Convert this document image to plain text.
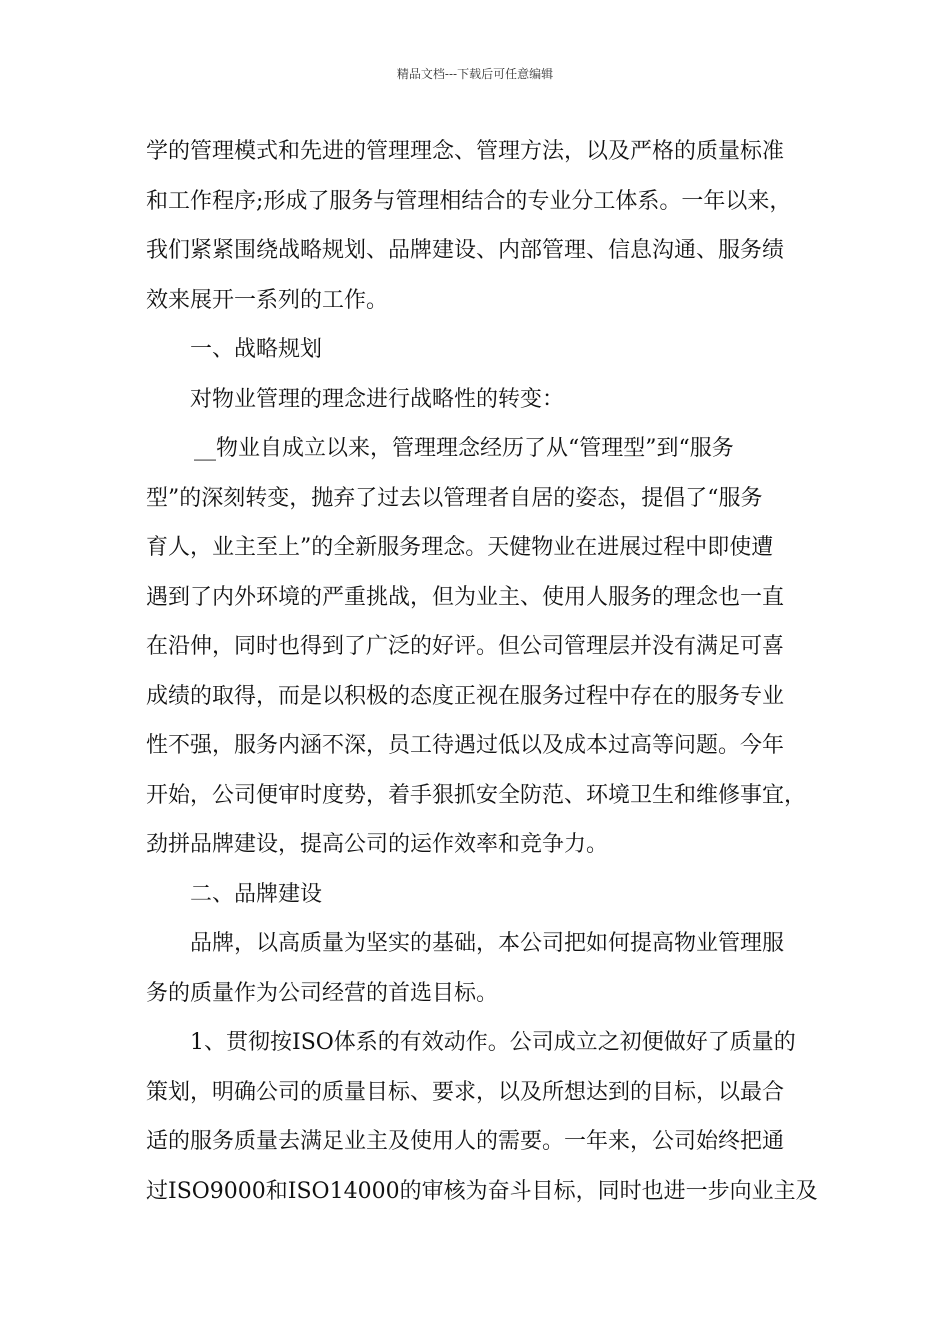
精品文档---下载后可任意编辑
学的管理模式和先进的管理理念、管理方法，以及严格的质量标准
和工作程序;形成了服务与管理相结合的专业分工体系。一年以来，
我们紧紧围绕战略规划、品牌建设、内部管理、信息沟通、服务绩
效来展开一系列的工作。
一、战略规划
对物业管理的理念进行战略性的转变：
__物业自成立以来，管理理念经历了从“管理型”到“服务
型”的深刻转变，抛弃了过去以管理者自居的姿态，提倡了“服务
育人，业主至上”的全新服务理念。天健物业在进展过程中即使遭
遇到了内外环境的严重挑战，但为业主、使用人服务的理念也一直
在沿伸，同时也得到了广泛的好评。但公司管理层并没有满足可喜
成绩的取得，而是以积极的态度正视在服务过程中存在的服务专业
性不强，服务内涵不深，员工待遇过低以及成本过高等问题。今年
开始，公司便审时度势，着手狠抓安全防范、环境卫生和维修事宜，
劲拼品牌建设，提高公司的运作效率和竞争力。
二、品牌建设
品牌，以高质量为坚实的基础，本公司把如何提高物业管理服
务的质量作为公司经营的首选目标。
1、贯彻按ISO体系的有效动作。公司成立之初便做好了质量的
策划，明确公司的质量目标、要求，以及所想达到的目标，以最合
适的服务质量去满足业主及使用人的需要。一年来，公司始终把通
过ISO9000和ISO14000的审核为奋斗目标，同时也进一步向业主及
